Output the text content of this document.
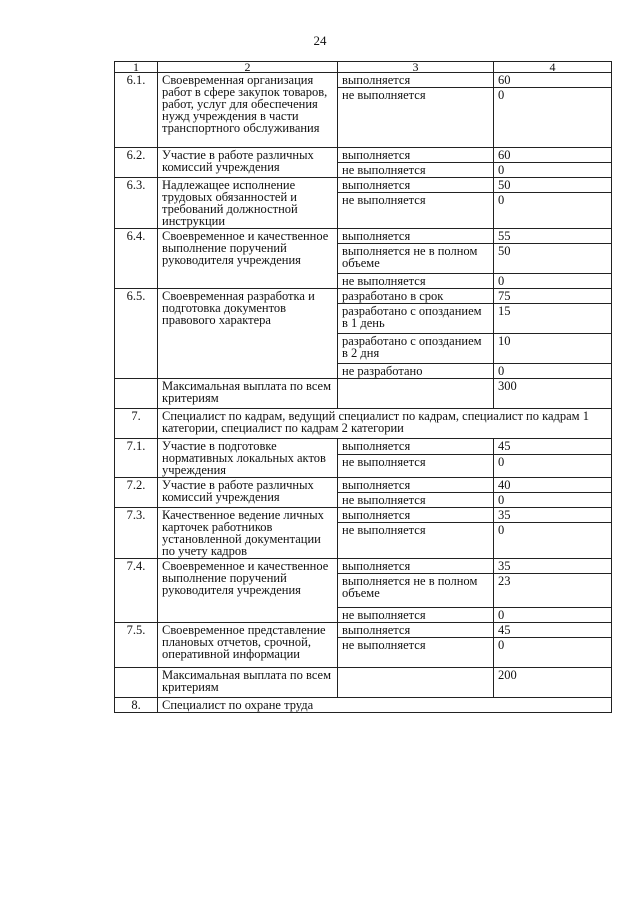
24
1	2	3	4
6.1.	Своевременная организация работ в сфере закупок товаров, работ, услуг для обеспечения нужд учреждения в части транспортного обслуживания	выполняется	60
		не выполняется	0
6.2.	Участие в работе различных комиссий учреждения	выполняется	60
		не выполняется	0
6.3.	Надлежащее исполнение трудовых обязанностей и требований должностной инструкции	выполняется	50
		не выполняется	0
6.4.	Своевременное и качественное выполнение поручений руководителя учреждения	выполняется	55
		выполняется не в полном объеме	50
		не выполняется	0
6.5.	Своевременная разработка и подготовка документов правового характера	разработано в срок	75
		разработано с опозданием в 1 день	15
		разработано с опозданием в 2 дня	10
		не разработано	0
	Максимальная выплата по всем критериям		300
7.	Специалист по кадрам, ведущий специалист по кадрам, специалист по кадрам 1 категории, специалист по кадрам 2 категории		
7.1.	Участие в подготовке нормативных локальных актов учреждения	выполняется	45
		не выполняется	0
7.2.	Участие в работе различных комиссий учреждения	выполняется	40
		не выполняется	0
7.3.	Качественное ведение личных карточек работников установленной документации по учету кадров	выполняется	35
		не выполняется	0
7.4.	Своевременное и качественное выполнение поручений руководителя учреждения	выполняется	35
		выполняется не в полном объеме	23
		не выполняется	0
7.5.	Своевременное представление плановых отчетов, срочной, оперативной информации	выполняется	45
		не выполняется	0
	Максимальная выплата по всем критериям		200
8.	Специалист по охране труда		
